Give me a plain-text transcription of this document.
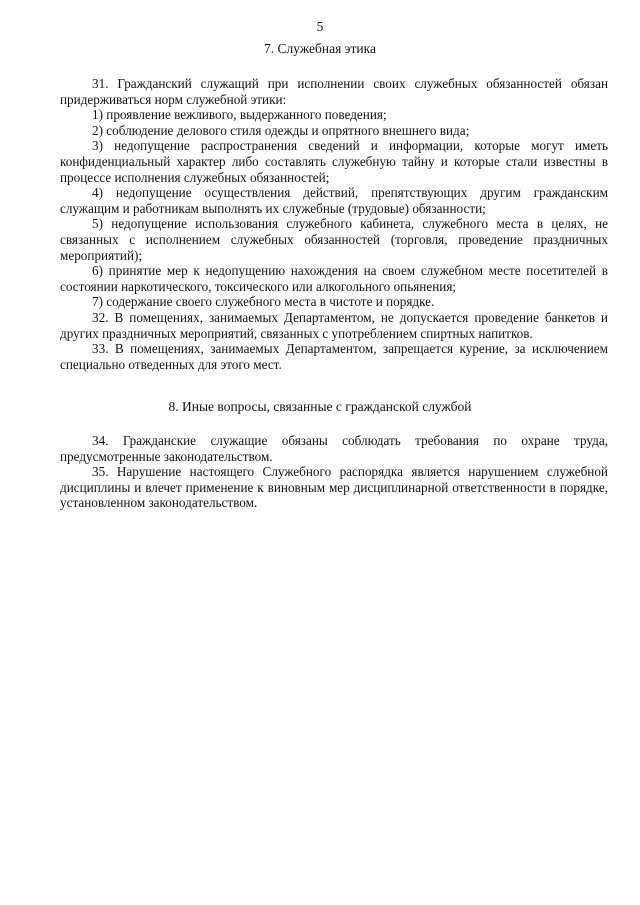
5
7. Служебная этика

31. Гражданский служащий при исполнении своих служебных обязанностей обязан придерживаться норм служебной этики:

1) проявление вежливого, выдержанного поведения;

2) соблюдение делового стиля одежды и опрятного внешнего вида;

3) недопущение распространения сведений и информации, которые могут иметь конфиденциальный характер либо составлять служебную тайну и которые стали известны в процессе исполнения служебных обязанностей;

4) недопущение осуществления действий, препятствующих другим гражданским служащим и работникам выполнять их служебные (трудовые) обязанности;

5) недопущение использования служебного кабинета, служебного места в целях, не связанных с исполнением служебных обязанностей (торговля, проведение праздничных мероприятий);

6) принятие мер к недопущению нахождения на своем служебном месте посетителей в состоянии наркотического, токсического или алкогольного опьянения;

7) содержание своего служебного места в чистоте и порядке.

32. В помещениях, занимаемых Департаментом, не допускается проведение банкетов и других праздничных мероприятий, связанных с употреблением спиртных напитков.

33. В помещениях, занимаемых Департаментом, запрещается курение, за исключением специально отведенных для этого мест.

8. Иные вопросы, связанные с гражданской службой

34. Гражданские служащие обязаны соблюдать требования по охране труда, предусмотренные законодательством.

35. Нарушение настоящего Служебного распорядка является нарушением служебной дисциплины и влечет применение к виновным мер дисциплинарной ответственности в порядке, установленном законодательством.
